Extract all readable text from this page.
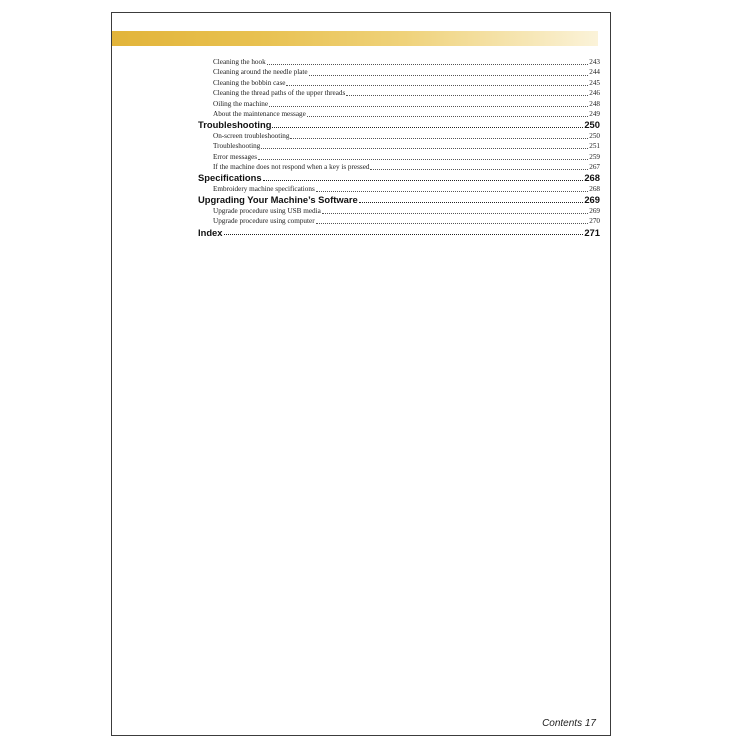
Cleaning the hook	243
Cleaning around the needle plate	244
Cleaning the bobbin case	245
Cleaning the thread paths of the upper threads	246
Oiling the machine	248
About the maintenance message	249
Troubleshooting	250
On-screen troubleshooting	250
Troubleshooting	251
Error messages	259
If the machine does not respond when a key is pressed	267
Specifications	268
Embroidery machine specifications	268
Upgrading Your Machine’s Software	269
Upgrade procedure using USB media	269
Upgrade procedure using computer	270
Index	271
Contents 17
